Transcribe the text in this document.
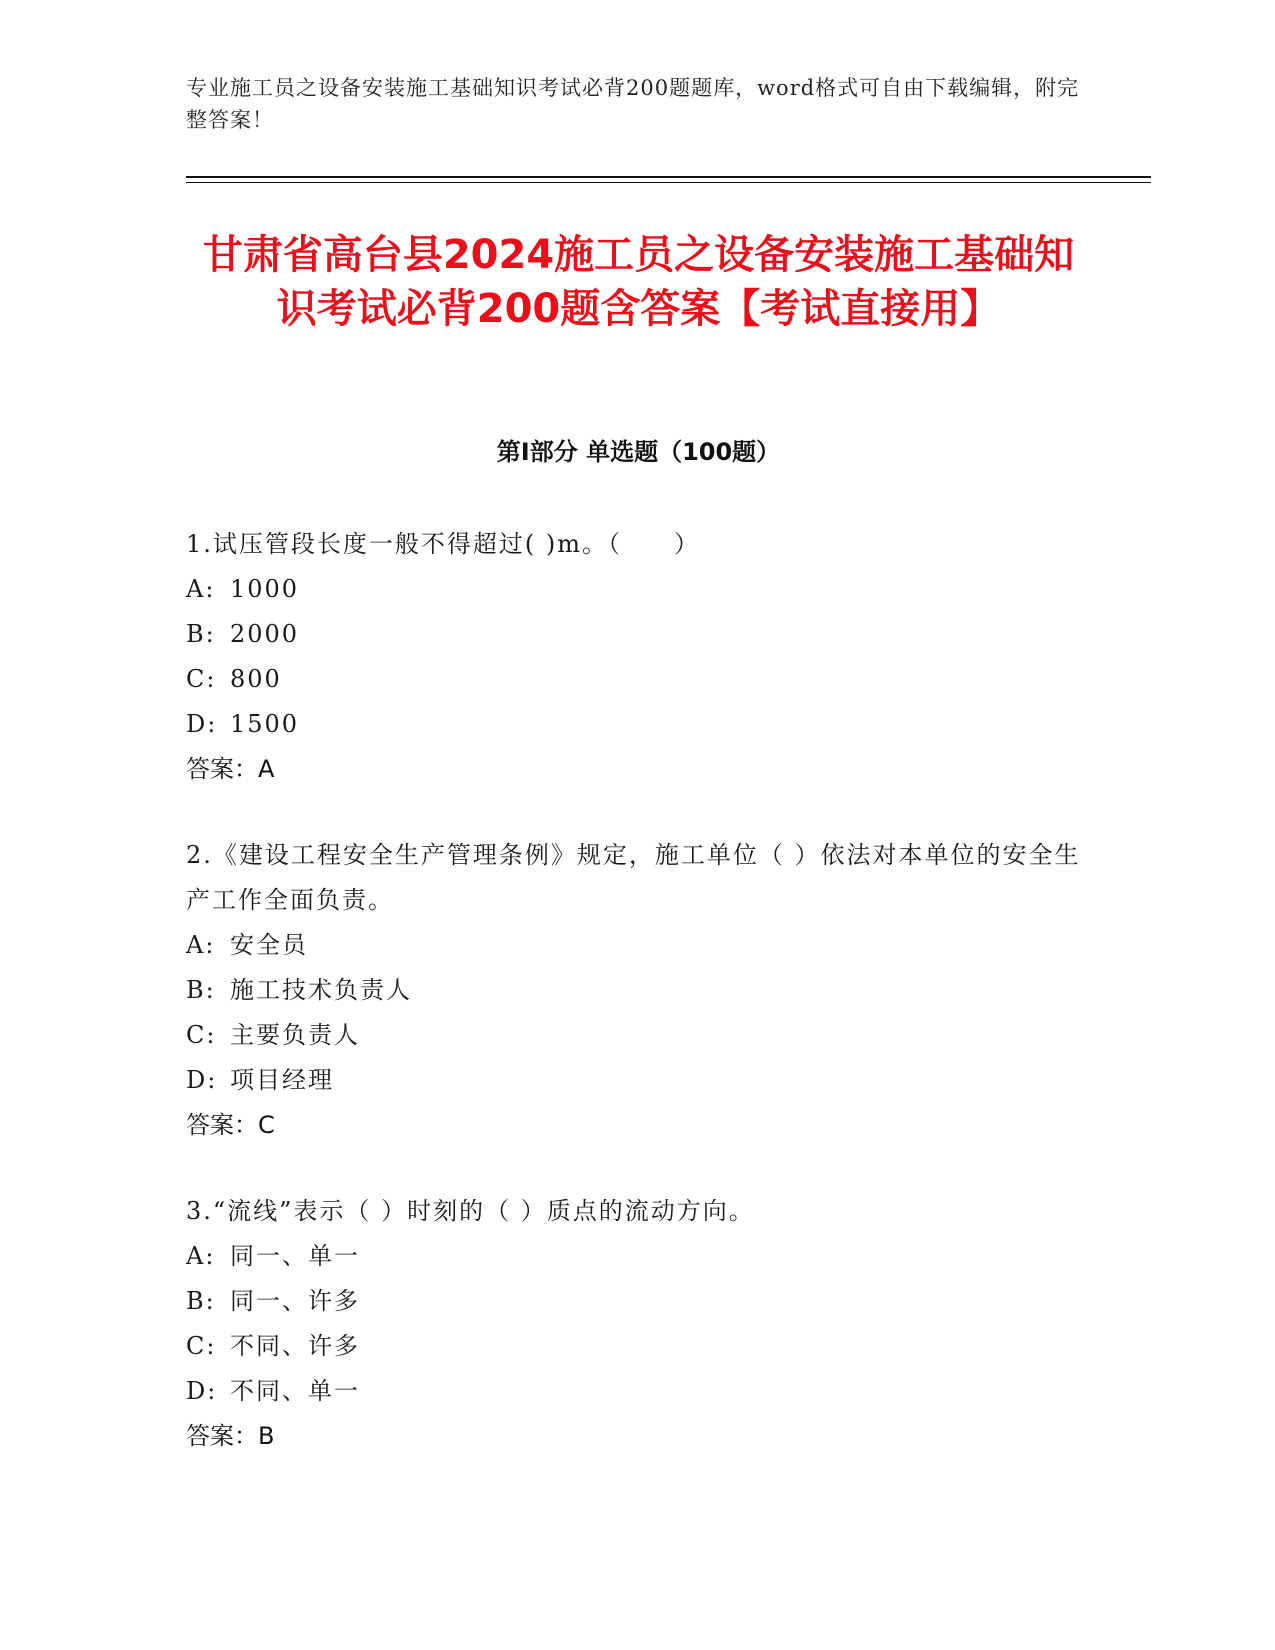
专业施工员之设备安装施工基础知识考试必背200题题库，word格式可自由下载编辑，附完整答案！
甘肃省高台县2024施工员之设备安装施工基础知识考试必背200题含答案【考试直接用】
第I部分 单选题（100题）
1.试压管段长度一般不得超过( )m。（　　）
A: 1000
B: 2000
C: 800
D: 1500
答案：A
2.《建设工程安全生产管理条例》规定，施工单位（ ）依法对本单位的安全生产工作全面负责。
A: 安全员
B: 施工技术负责人
C: 主要负责人
D: 项目经理
答案：C
3.“流线”表示（ ）时刻的（ ）质点的流动方向。
A: 同一、单一
B: 同一、许多
C: 不同、许多
D: 不同、单一
答案：B
